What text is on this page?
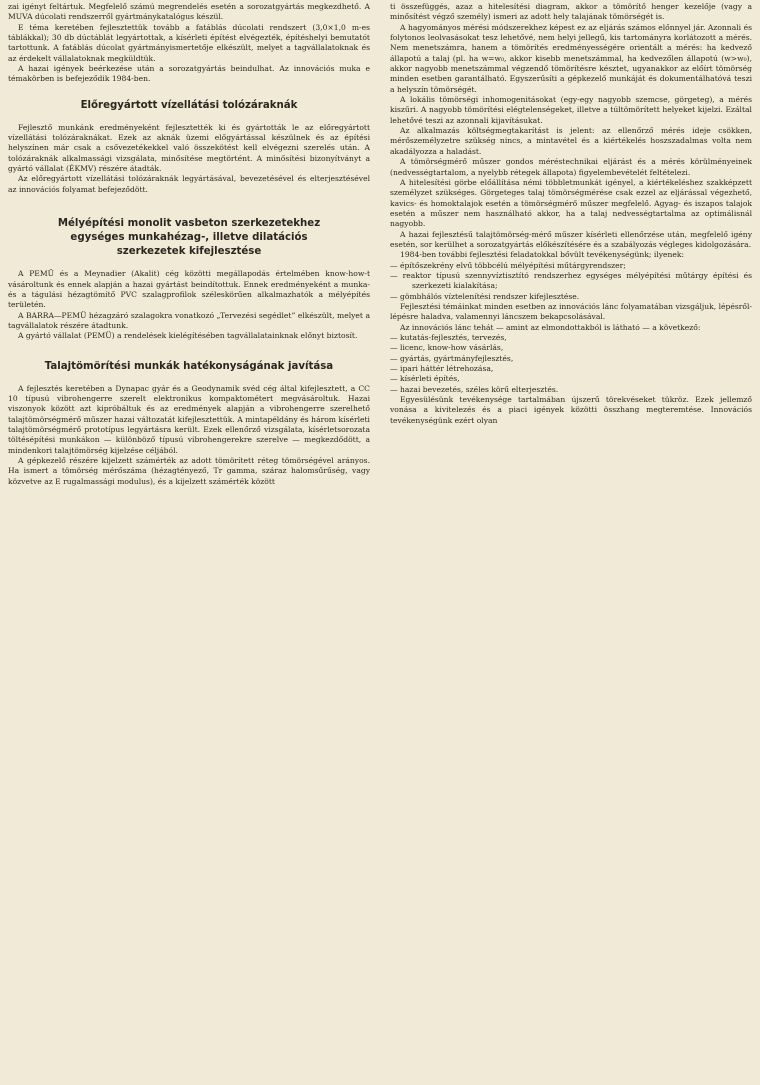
zai igényt feltártuk. Megfelelő számú megrendelés esetén a sorozatgyártás megkezdhető. A MUVA dúcolati rendszerről gyártmánykatalógus készül.

E téma keretében fejlesztettük tovább a fatáblás dúcolati rendszert (3,0×1,0 m-es táblákkal); 30 db dúctáblát legyártottak, a kísérleti építést elvégezték, építéshelyi bemutatót tartottunk. A fatáblás dúcolat gyártmányismertetője elkészült, melyet a tagvállalatoknak és az érdekelt vállalatoknak megküldtük.

A hazai igények beérkezése után a sorozatgyártás beindulhat. Az innovációs muka e témakörben is befejeződik 1984-ben.

Előregyártott vízellátási tolózáraknák

Fejlesztő munkánk eredményeként fejlesztették ki és gyártották le az előregyártott vízellátási tolózáraknákat. Ezek az aknák üzemi előgyártással készülnek és az építési helyszínen már csak a csővezetékekkel való összekötést kell elvégezni szerelés után. A tolózáraknák alkalmassági vizsgálata, minősítése megtörtént. A minősítési bizonyítványt a gyártó vállalat (ÉKMV) részére átadták.

Az előregyártott vízellátási tolózáraknák legyártásával, bevezetésével és elterjesztésével az innovációs folyamat befejeződött.

Mélyépítési monolit vasbeton szerkezetekhez
egységes munkahézag-, illetve dilatációs
szerkezetek kifejlesztése

A PEMÜ és a Meynadier (Akalit) cég közötti megállapodás értelmében know-how-t vásároltunk és ennek alapján a hazai gyártást beindítottuk. Ennek eredményeként a munka- és a tágulási hézagtömítő PVC szalagprofilok széleskörűen alkalmazhatók a mélyépítés területén.

A BARRA—PEMÜ hézagzáró szalagokra vonatkozó „Tervezési segédlet” elkészült, melyet a tagvállalatok részére átadtunk.

A gyártó vállalat (PEMÜ) a rendelések kielégítésében tagvállalatainknak előnyt biztosít.

Talajtömörítési munkák hatékonyságának javítása

A fejlesztés keretében a Dynapac gyár és a Geodynamik svéd cég által kifejlesztett, a CC 10 típusú vibrohengerre szerelt elektronikus kompaktométert megvásároltuk. Hazai viszonyok között azt kipróbáltuk és az eredmények alapján a vibrohengerre szerelhető talajtömörségmérő műszer hazai változatát kifejlesztettük. A mintapéldány és három kísérleti talajtömörségmérő prototípus legyártásra került. Ezek ellenőrző vizsgálata, kísérletsorozata töltésépítési munkákon — különböző típusú vibrohengerekre szerelve — megkezdődött, a mindenkori talajtömörség kijelzése céljából.

A gépkezelő részére kijelzett számérték az adott tömörített réteg tömörségével arányos. Ha ismert a tömörség mérőszáma (hézagtényező, Tr gamma, száraz halomsűrűség, vagy közvetve az E rugalmassági modulus), és a kijelzett számérték között

ti összefüggés, azaz a hitelesítési diagram, akkor a tömörítő henger kezelője (vagy a minősítést végző személy) ismeri az adott hely talajának tömörségét is.

A hagyományos mérési módszerekhez képest ez az eljárás számos előnnyel jár. Azonnali és folytonos leolvasásokat tesz lehetővé, nem helyi jellegű, kis tartományra korlátozott a mérés. Nem menetszámra, hanem a tömörítés eredményességére orientált a mérés: ha kedvező állapotú a talaj (pl. ha w=w₀, akkor kisebb menetszámmal, ha kedvezőlen állapotú (w>w₀), akkor nagyobb menetszámmal végzendő tömörítésre késztet, ugyanakkor az előírt tömörség minden esetben garantálható. Egyszerűsíti a gépkezelő munkáját és dokumentálhatóvá teszi a helyszín tömörségét.

A lokális tömörségi inhomogenitásokat (egy-egy nagyobb szemcse, görgeteg), a mérés kiszűri. A nagyobb tömörítési elégtelenségeket, illetve a túltömörített helyeket kijelzi. Ezáltal lehetővé teszi az azonnali kijavításukat.

Az alkalmazás költségmegtakarítást is jelent: az ellenőrző mérés ideje csökken, mérőszemélyzetre szükség nincs, a mintavétel és a kiértékelés hoszszadalmas volta nem akadályozza a haladást.

A tömörségmérő műszer gondos méréstechnikai eljárást és a mérés körülményeinek (nedvességtartalom, a nyelybb rétegek állapota) figyelembevételét feltételezi.

A hitelesítési görbe előállítása némi többletmunkát igényel, a kiértékeléshez szakképzett személyzet szükséges. Görgeteges talaj tömörségmérése csak ezzel az eljárással végezhető, kavics- és homoktalajok esetén a tömörségmérő műszer megfelelő. Agyag- és iszapos talajok esetén a műszer nem használható akkor, ha a talaj nedvességtartalma az optimálisnál nagyobb.

A hazai fejlesztésű talajtömörség-mérő műszer kísérleti ellenőrzése után, megfelelő igény esetén, sor kerülhet a sorozatgyártás előkészítésére és a szabályozás végleges kidolgozására.

1984-ben további fejlesztési feladatokkal bővült tevékenységünk; ilyenek:

— építőszekrény elvű többcélú mélyépítési műtárgyrendszer;
— reaktor típusú szennyvíztisztító rendszerhez egységes mélyépítési műtárgy építési és szerkezeti kialakítása;
— gömbhálós víztelenítési rendszer kifejlesztése.

Fejlesztési témáinkat minden esetben az innovációs lánc folyamatában vizsgáljuk, lépésről-lépésre haladva, valamennyi láncszem bekapcsolásával.

Az innovációs lánc tehát — amint az elmondottakból is látható — a következő:

— kutatás-fejlesztés, tervezés,
— licenc, know-how vásárlás,
— gyártás, gyártmányfejlesztés,
— ipari háttér létrehozása,
— kísérleti építés,
— hazai bevezetés, széles körű elterjesztés.

Egyesülésünk tevékenysége tartalmában újszerű törekvéseket tükröz. Ezek jellemző vonása a kivitelezés és a piaci igények közötti összhang megteremtése. Innovációs tevékenységünk ezért olyan
